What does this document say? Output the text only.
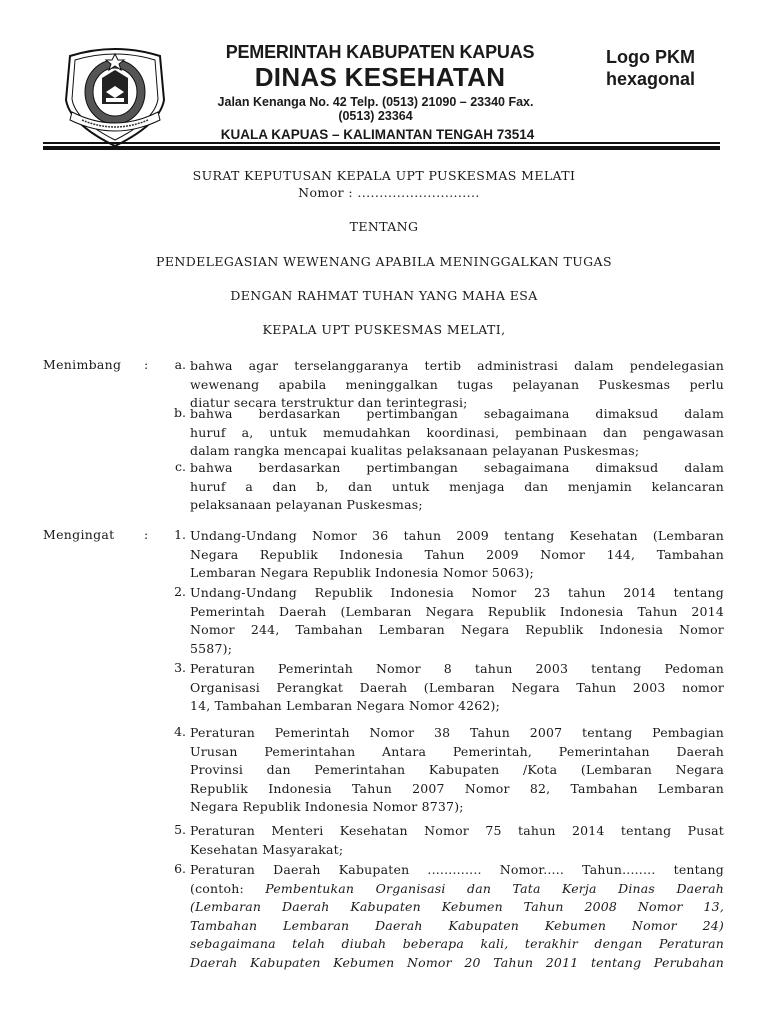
PEMERINTAH KABUPATEN KAPUAS
DINAS KESEHATAN
Jalan Kenanga No. 42 Telp. (0513) 21090 – 23340 Fax.
(0513) 23364
KUALA KAPUAS – KALIMANTAN TENGAH 73514
Logo PKM
hexagonal
SURAT KEPUTUSAN KEPALA UPT PUSKESMAS MELATI
Nomor : ............................
TENTANG
PENDELEGASIAN WEWENANG APABILA MENINGGALKAN TUGAS
DENGAN RAHMAT TUHAN YANG MAHA ESA
KEPALA UPT PUSKESMAS MELATI,
Menimbang :	a. bahwa agar terselanggaranya tertib administrasi dalam pendelegasian
wewenang apabila meninggalkan tugas pelayanan Puskesmas perlu
diatur secara terstruktur dan terintegrasi;
b. bahwa berdasarkan pertimbangan sebagaimana dimaksud dalam
huruf a, untuk memudahkan koordinasi, pembinaan dan pengawasan
dalam rangka mencapai kualitas pelaksanaan pelayanan Puskesmas;
c. bahwa berdasarkan pertimbangan sebagaimana dimaksud dalam
huruf a dan b, dan untuk menjaga dan menjamin kelancaran
pelaksanaan pelayanan Puskesmas;
Mengingat :	1. Undang-Undang Nomor 36 tahun 2009 tentang Kesehatan (Lembaran
Negara Republik Indonesia Tahun 2009 Nomor 144, Tambahan
Lembaran Negara Republik Indonesia Nomor 5063);
2. Undang-Undang Republik Indonesia Nomor 23 tahun 2014 tentang
Pemerintah Daerah (Lembaran Negara Republik Indonesia Tahun 2014
Nomor 244, Tambahan Lembaran Negara Republik Indonesia Nomor
5587);
3. Peraturan Pemerintah Nomor 8 tahun 2003 tentang Pedoman
Organisasi Perangkat Daerah (Lembaran Negara Tahun 2003 nomor
14, Tambahan Lembaran Negara Nomor 4262);
4. Peraturan Pemerintah Nomor 38 Tahun 2007 tentang Pembagian
Urusan Pemerintahan Antara Pemerintah, Pemerintahan Daerah
Provinsi dan Pemerintahan Kabupaten /Kota (Lembaran Negara
Republik Indonesia Tahun 2007 Nomor 82, Tambahan Lembaran
Negara Republik Indonesia Nomor 8737);
5. Peraturan Menteri Kesehatan Nomor 75 tahun 2014 tentang Pusat
Kesehatan Masyarakat;
6. Peraturan Daerah Kabupaten ............. Nomor..... Tahun........ tentang
(contoh: Pembentukan Organisasi dan Tata Kerja Dinas Daerah
(Lembaran Daerah Kabupaten Kebumen Tahun 2008 Nomor 13,
Tambahan Lembaran Daerah Kabupaten Kebumen Nomor 24)
sebagaimana telah diubah beberapa kali, terakhir dengan Peraturan
Daerah Kabupaten Kebumen Nomor 20 Tahun 2011 tentang Perubahan
